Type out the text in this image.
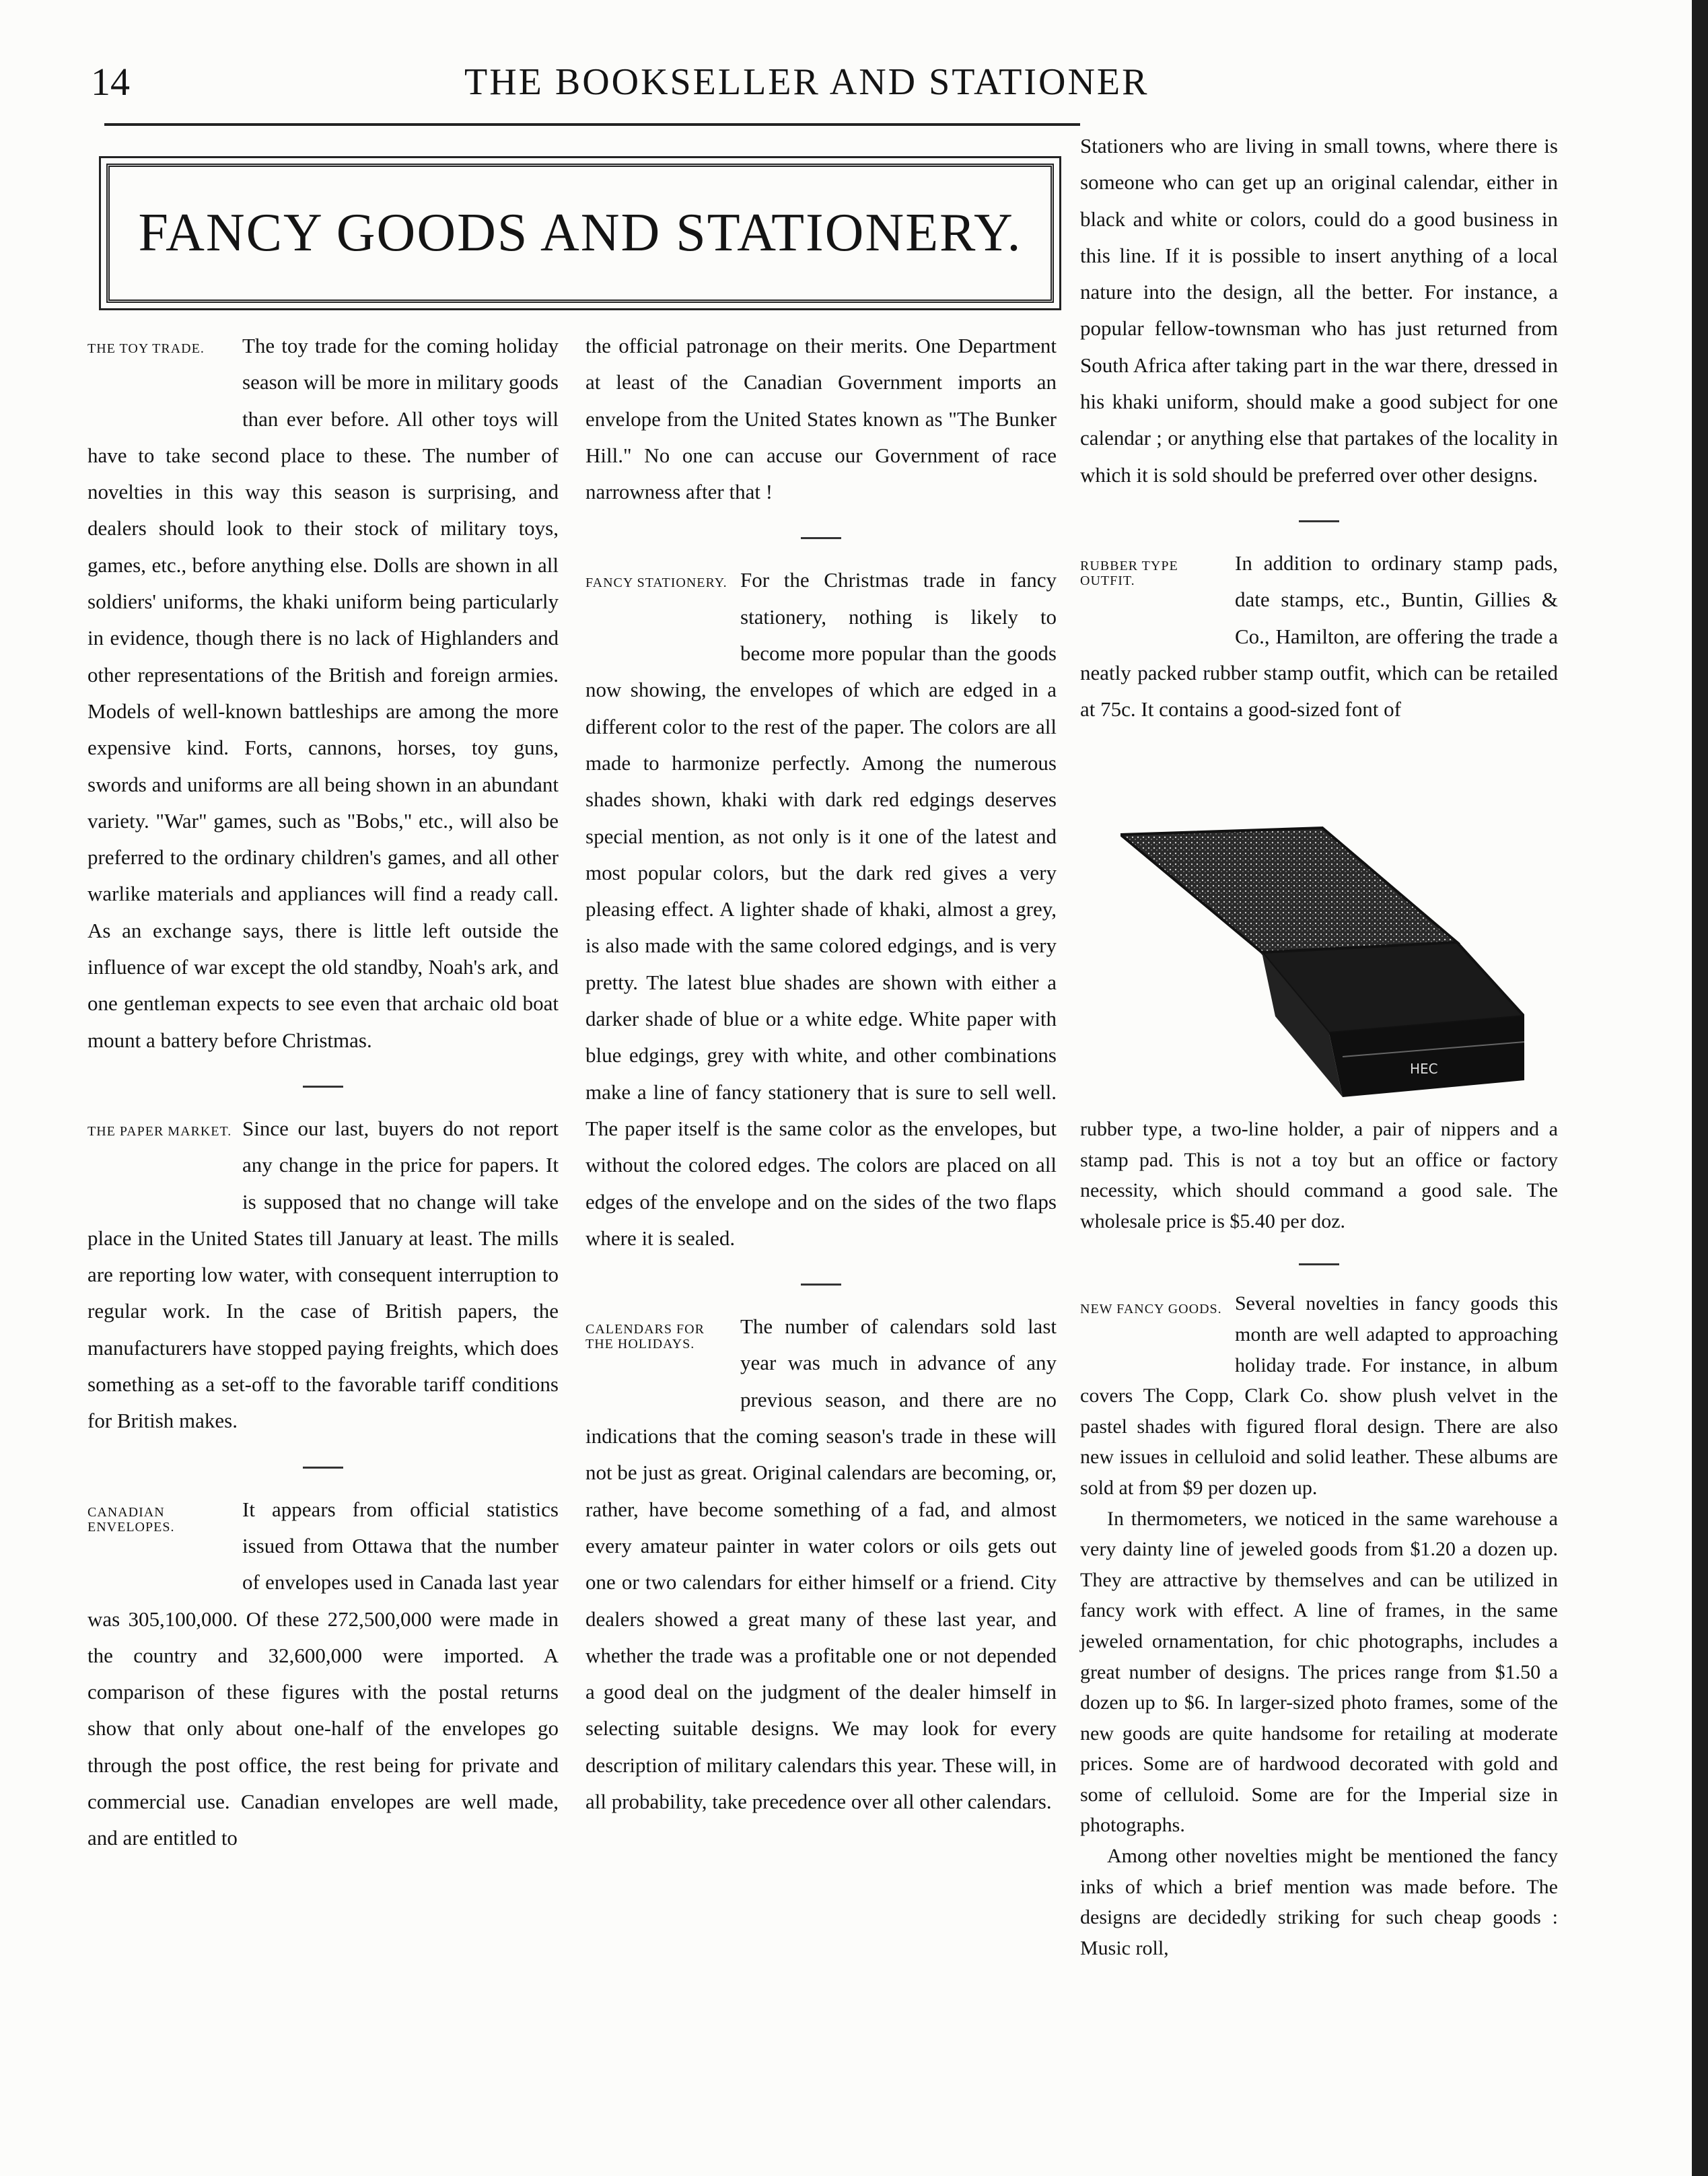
14	THE BOOKSELLER AND STATIONER
FANCY GOODS AND STATIONERY.
THE TOY TRADE.	The toy trade for the coming holiday season will be more in military goods than ever before. All other toys will have to take second place to these. The number of novelties in this way this season is surprising, and dealers should look to their stock of military toys, games, etc., before anything else. Dolls are shown in all soldiers' uniforms, the khaki uniform being particularly in evidence, though there is no lack of Highlanders and other representations of the British and foreign armies. Models of well-known battleships are among the more expensive kind. Forts, cannons, horses, toy guns, swords and uniforms are all being shown in an abundant variety. "War" games, such as "Bobs," etc., will also be preferred to the ordinary children's games, and all other warlike materials and appliances will find a ready call. As an exchange says, there is little left outside the influence of war except the old standby, Noah's ark, and one gentleman expects to see even that archaic old boat mount a battery before Christmas.

THE PAPER MARKET. Since our last, buyers do not report any change in the price for papers. It is supposed that no change will take place in the United States till January at least. The mills are reporting low water, with consequent interruption to regular work. In the case of British papers, the manufacturers have stopped paying freights, which does something as a set-off to the favorable tariff conditions for British makes.

CANADIAN ENVELOPES.

It appears from official statistics issued from Ottawa that the number of envelopes used in Canada last year was 305,100,000. Of these 272,500,000 were made in the country and 32,600,000 were imported. A comparison of these figures with the postal returns show that only about one-half of the envelopes go through the post office, the rest being for private and commercial use. Canadian envelopes are well made, and are entitled to

the official patronage on their merits. One Department at least of the Canadian Government imports an envelope from the United States known as "The Bunker Hill." No one can accuse our Government of race narrowness after that !

FANCY STATIONERY. For the Christmas trade in fancy stationery, nothing is likely to become more popular than the goods now showing, the envelopes of which are edged in a different color to the rest of the paper. The colors are all made to harmonize perfectly. Among the numerous shades shown, khaki with dark red edgings deserves special mention, as not only is it one of the latest and most popular colors, but the dark red gives a very pleasing effect. A lighter shade of khaki, almost a grey, is also made with the same colored edgings, and is very pretty. The latest blue shades are shown with either a darker shade of blue or a white edge. White paper with blue edgings, grey with white, and other combinations make a line of fancy stationery that is sure to sell well. The paper itself is the same color as the envelopes, but without the colored edges. The colors are placed on all edges of the envelope and on the sides of the two flaps where it is sealed.

CALENDARS FOR THE HOLIDAYS.

The number of calendars sold last year was much in advance of any previous season, and there are no indications that the coming season's trade in these will not be just as great. Original calendars are becoming, or, rather, have become something of a fad, and almost every amateur painter in water colors or oils gets out one or two calendars for either himself or a friend. City dealers showed a great many of these last year, and whether the trade was a profitable one or not depended a good deal on the judgment of the dealer himself in selecting suitable designs. We may look for every description of military calendars this year. These will, in all probability, take precedence over all other calendars.

Stationers who are living in small towns, where there is someone who can get up an original calendar, either in black and white or colors, could do a good business in this line. If it is possible to insert anything of a local nature into the design, all the better. For instance, a popular fellow-townsman who has just returned from South Africa after taking part in the war there, dressed in his khaki uniform, should make a good subject for one calendar ; or anything else that partakes of the locality in which it is sold should be preferred over other designs.

RUBBER TYPE OUTFIT.

In addition to ordinary stamp pads, date stamps, etc., Buntin, Gillies & Co., Hamilton, are offering the trade a neatly packed rubber stamp outfit, which can be retailed at 75c. It contains a good-sized font of

HEC

rubber type, a two-line holder, a pair of nippers and a stamp pad. This is not a toy but an office or factory necessity, which should command a good sale. The wholesale price is $5.40 per doz.

NEW FANCY GOODS. Several novelties in fancy goods this month are well adapted to approaching holiday trade. For instance, in album covers The Copp, Clark Co. show plush velvet in the pastel shades with figured floral design. There are also new issues in celluloid and solid leather. These albums are sold at from $9 per dozen up.

In thermometers, we noticed in the same warehouse a very dainty line of jeweled goods from $1.20 a dozen up. They are attractive by themselves and can be utilized in fancy work with effect. A line of frames, in the same jeweled ornamentation, for chic photographs, includes a great number of designs. The prices range from $1.50 a dozen up to $6. In larger-sized photo frames, some of the new goods are quite handsome for retailing at moderate prices. Some are of hardwood decorated with gold and some of celluloid. Some are for the Imperial size in photographs.

Among other novelties might be mentioned the fancy inks of which a brief mention was made before. The designs are decidedly striking for such cheap goods : Music roll,
